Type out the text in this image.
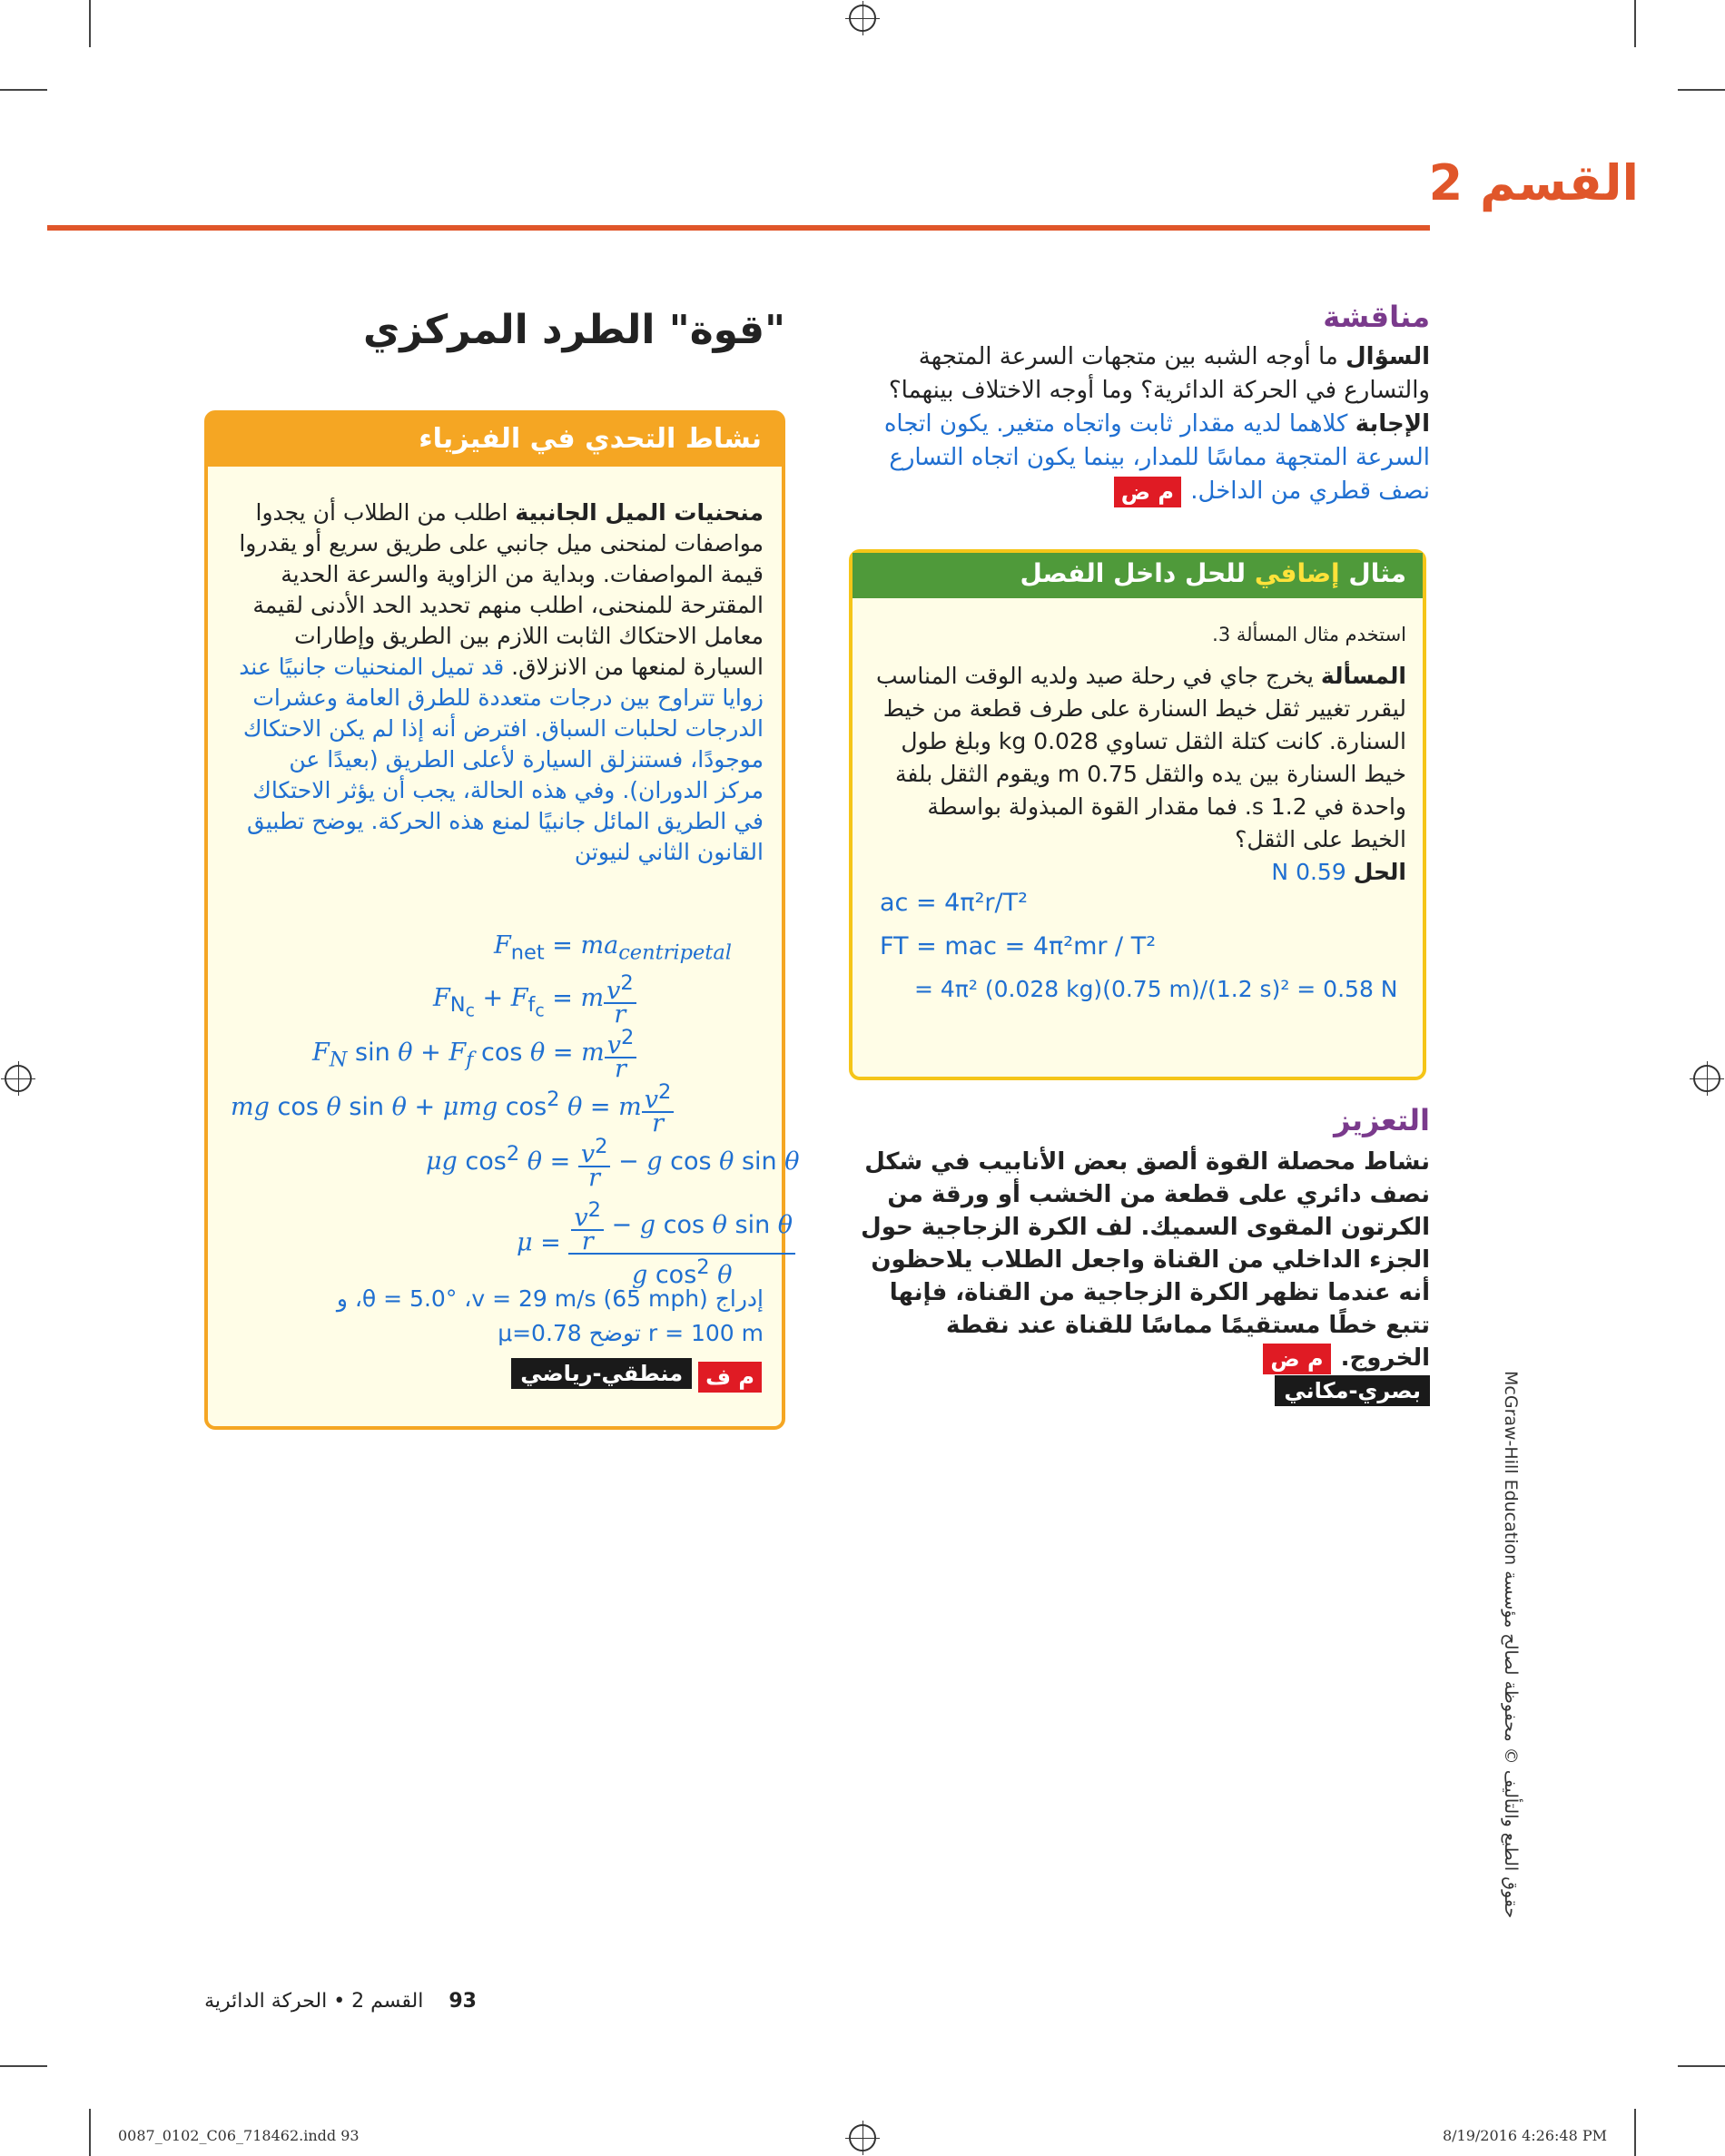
القسم 2
مناقشة
السؤال ما أوجه الشبه بين متجهات السرعة المتجهة والتسارع في الحركة الدائرية؟ وما أوجه الاختلاف بينهما؟
الإجابة كلاهما لديه مقدار ثابت واتجاه متغير. يكون اتجاه السرعة المتجهة مماسًا للمدار، بينما يكون اتجاه التسارع نصف قطري من الداخل. م ض
مثال إضافي للحل داخل الفصل
استخدم مثال المسألة 3.
المسألة يخرج جاي في رحلة صيد ولديه الوقت المناسب ليقرر تغيير ثقل خيط السنارة على طرف قطعة من خيط السنارة. كانت كتلة الثقل تساوي 0.028 kg وبلغ طول خيط السنارة بين يده والثقل 0.75 m ويقوم الثقل بلفة واحدة في 1.2 s. فما مقدار القوة المبذولة بواسطة الخيط على الثقل؟
الحل 0.59 N
ac = 4π²r/T²
FT = mac = 4π²mr / T²
= 4π² (0.028 kg)(0.75 m)/(1.2 s)² = 0.58 N
التعزيز
نشاط محصلة القوة ألصق بعض الأنابيب في شكل نصف دائري على قطعة من الخشب أو ورقة من الكرتون المقوى السميك. لف الكرة الزجاجية حول الجزء الداخلي من القناة واجعل الطلاب يلاحظون أنه عندما تظهر الكرة الزجاجية من القناة، فإنها تتبع خطًا مستقيمًا مماسًا للقناة عند نقطة الخروج. م ض
بصري-مكاني
"قوة" الطرد المركزي
نشاط التحدي في الفيزياء
منحنيات الميل الجانبية اطلب من الطلاب أن يجدوا مواصفات لمنحنى ميل جانبي على طريق سريع أو يقدروا قيمة المواصفات. وبداية من الزاوية والسرعة الحدية المقترحة للمنحنى، اطلب منهم تحديد الحد الأدنى لقيمة معامل الاحتكاك الثابت اللازم بين الطريق وإطارات السيارة لمنعها من الانزلاق. قد تميل المنحنيات جانبيًا عند زوايا تتراوح بين درجات متعددة للطرق العامة وعشرات الدرجات لحلبات السباق. افترض أنه إذا لم يكن الاحتكاك موجودًا، فستنزلق السيارة لأعلى الطريق (بعيدًا عن مركز الدوران). وفي هذه الحالة، يجب أن يؤثر الاحتكاك في الطريق المائل جانبيًا لمنع هذه الحركة. يوضح تطبيق القانون الثاني لنيوتن
$F_{net} = ma_{centripetal}$
$F_{N_c} + F_{f_c} = m \frac{v^2}{r}$
$F_N$ $\sin \theta + F_f$ cos θ = m $\frac{v^2}{r}$
mg cos θ sin θ + μmg $\cos^2 \theta = m \frac{v^2}{r}$
μg $\cos^2 \theta = \frac{v^2}{r} - g$ cos θ sin θ
$\mu = \frac{\frac{v^2}{r} - g \cos \theta \sin \theta}{g \cos^2 \theta}$
إدراج θ = 5.0° ،v = 29 m/s (65 mph)، و
r = 100 m توضح μ=0.78
م ف منطقي-رياضي	حقوق الطبع والتأليف © محفوظة لصالح مؤسسة McGraw-Hill Education
93    القسم 2 • الحركة الدائرية
0087_0102_C06_718462.indd 93	8/19/2016 4:26:48 PM
